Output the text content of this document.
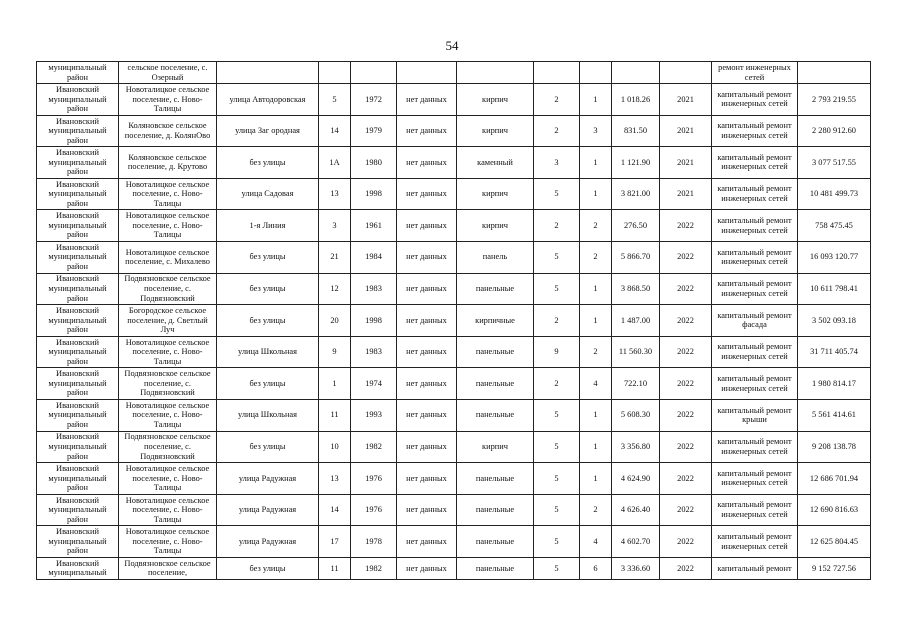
54
муниципальный район	сельское поселение, с. Озерный										ремонт инженерных сетей	
Ивановский муниципальный район	Новоталицкое сельское поселение, с. Ново-Талицы	улица Автодоровская	5	1972	нет данных	кирпич	2	1	1 018.26	2021	капитальный ремонт инженерных сетей	2 793 219.55
Ивановский муниципальный район	Коляновское сельское поселение, д. КолянОво	улица Заг ородная	14	1979	нет данных	кирпич	2	3	831.50	2021	капитальный ремонт инженерных сетей	2 280 912.60
Ивановский муниципальный район	Коляновское сельское поселение, д. Крутово	без улицы	1А	1980	нет данных	каменный	3	1	1 121.90	2021	капитальный ремонт инженерных сетей	3 077 517.55
Ивановский муниципальный район	Новоталицкое сельское поселение, с. Ново-Талицы	улица Садовая	13	1998	нет данных	кирпич	5	1	3 821.00	2021	капитальный ремонт инженерных сетей	10 481 499.73
Ивановский муниципальный район	Новоталицкое сельское поселение, с. Ново-Талицы	1-я Линия	3	1961	нет данных	кирпич	2	2	276.50	2022	капитальный ремонт инженерных сетей	758 475.45
Ивановский муниципальный район	Новоталицкое сельское поселение, с. Михалево	без улицы	21	1984	нет данных	панель	5	2	5 866.70	2022	капитальный ремонт инженерных сетей	16 093 120.77
Ивановский муниципальный район	Подвязновское сельское поселение, с. Подвязновский	без улицы	12	1983	нет данных	панельные	5	1	3 868.50	2022	капитальный ремонт инженерных сетей	10 611 798.41
Ивановский муниципальный район	Богородское сельское поселение, д. Светлый Луч	без улицы	20	1998	нет данных	кирпичные	2	1	1 487.00	2022	капитальный ремонт фасада	3 502 093.18
Ивановский муниципальный район	Новоталицкое сельское поселение, с. Ново-Талицы	улица Школьная	9	1983	нет данных	панельные	9	2	11 560.30	2022	капитальный ремонт инженерных сетей	31 711 405.74
Ивановский муниципальный район	Подвязновское сельское поселение, с. Подвязновский	без улицы	1	1974	нет данных	панельные	2	4	722.10	2022	капитальный ремонт инженерных сетей	1 980 814.17
Ивановский муниципальный район	Новоталицкое сельское поселение, с. Ново-Талицы	улица Школьная	11	1993	нет данных	панельные	5	1	5 608.30	2022	капитальный ремонт крыши	5 561 414.61
Ивановский муниципальный район	Подвязновское сельское поселение, с. Подвязновский	без улицы	10	1982	нет данных	кирпич	5	1	3 356.80	2022	капитальный ремонт инженерных сетей	9 208 138.78
Ивановский муниципальный район	Новоталицкое сельское поселение, с. Ново-Талицы	улица Радужная	13	1976	нет данных	панельные	5	1	4 624.90	2022	капитальный ремонт инженерных сетей	12 686 701.94
Ивановский муниципальный район	Новоталицкое сельское поселение, с. Ново-Талицы	улица Радужная	14	1976	нет данных	панельные	5	2	4 626.40	2022	капитальный ремонт инженерных сетей	12 690 816.63
Ивановский муниципальный район	Новоталицкое сельское поселение, с. Ново-Талицы	улица Радужная	17	1978	нет данных	панельные	5	4	4 602.70	2022	капитальный ремонт инженерных сетей	12 625 804.45
Ивановский муниципальный	Подвязновское сельское поселение,	без улицы	11	1982	нет данных	панельные	5	6	3 336.60	2022	капитальный ремонт	9 152 727.56
